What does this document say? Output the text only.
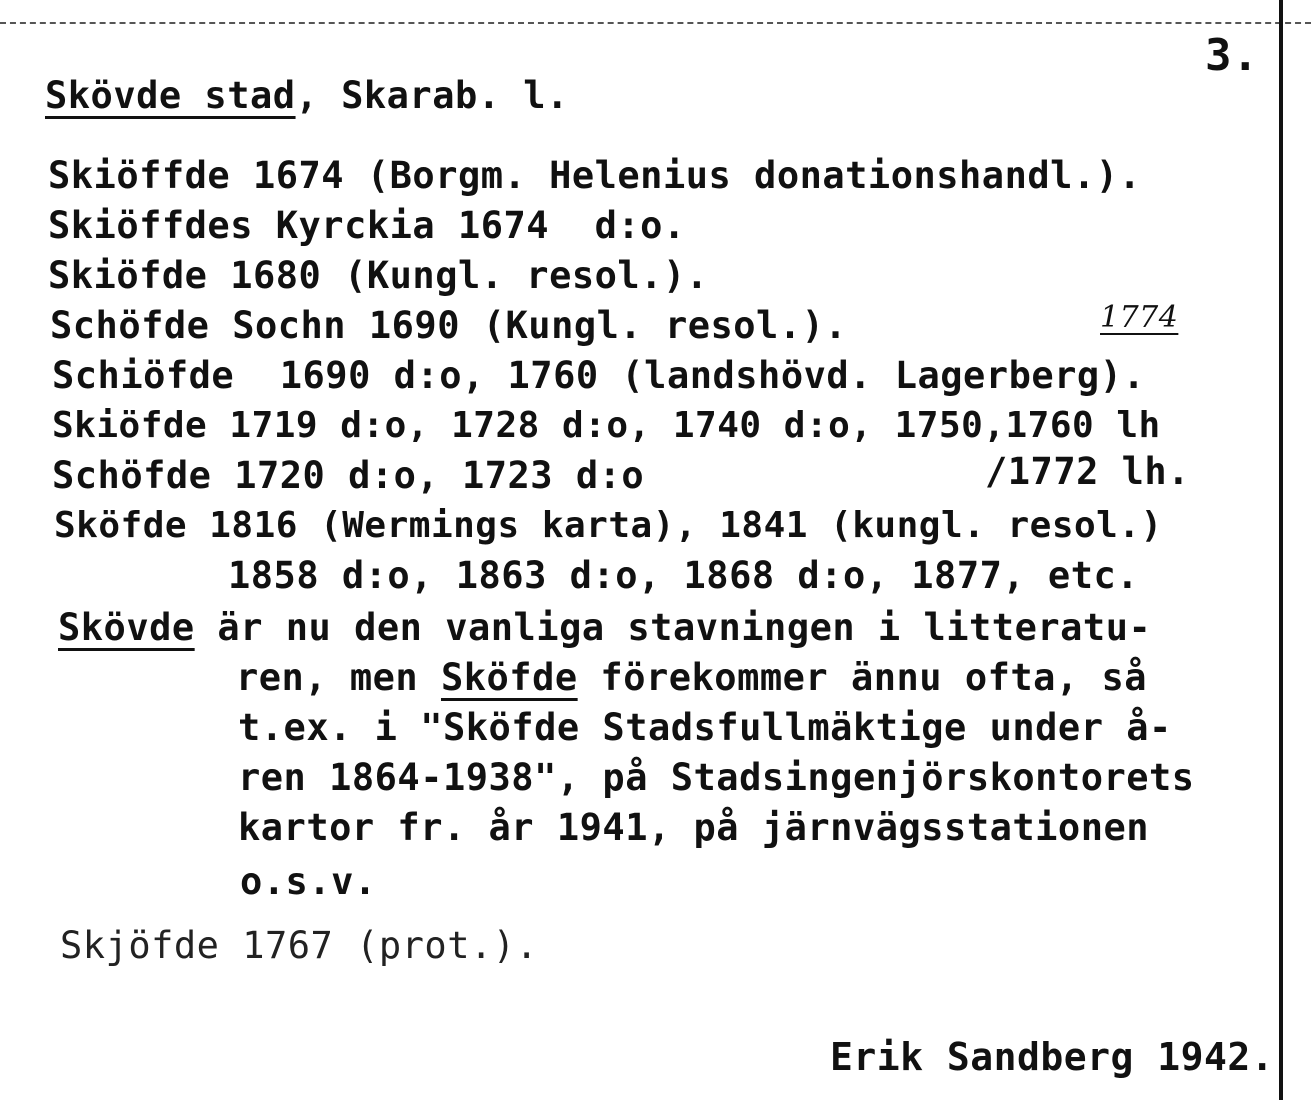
3.
Skövde stad, Skarab. l.
Skiöffde 1674 (Borgm. Helenius donationshandl.).
Skiöffdes Kyrckia 1674  d:o.
Skiöfde 1680 (Kungl. resol.).
Schöfde Sochn 1690 (Kungl. resol.).	1774
Schiöfde  1690 d:o, 1760 (landshövd. Lagerberg).
Skiöfde 1719 d:o, 1728 d:o, 1740 d:o, 1750,1760 lh
Schöfde 1720 d:o, 1723 d:o	/1772 lh.
Sköfde 1816 (Wermings karta), 1841 (kungl. resol.)
1858 d:o, 1863 d:o, 1868 d:o, 1877, etc.
Skövde är nu den vanliga stavningen i litteratu-
ren, men Sköfde förekommer ännu ofta, så
t.ex. i "Sköfde Stadsfullmäktige under å-
ren 1864-1938", på Stadsingenjörskontorets
kartor fr. år 1941, på järnvägsstationen
o.s.v.
Skjöfde 1767 (prot.).
Erik Sandberg 1942.
